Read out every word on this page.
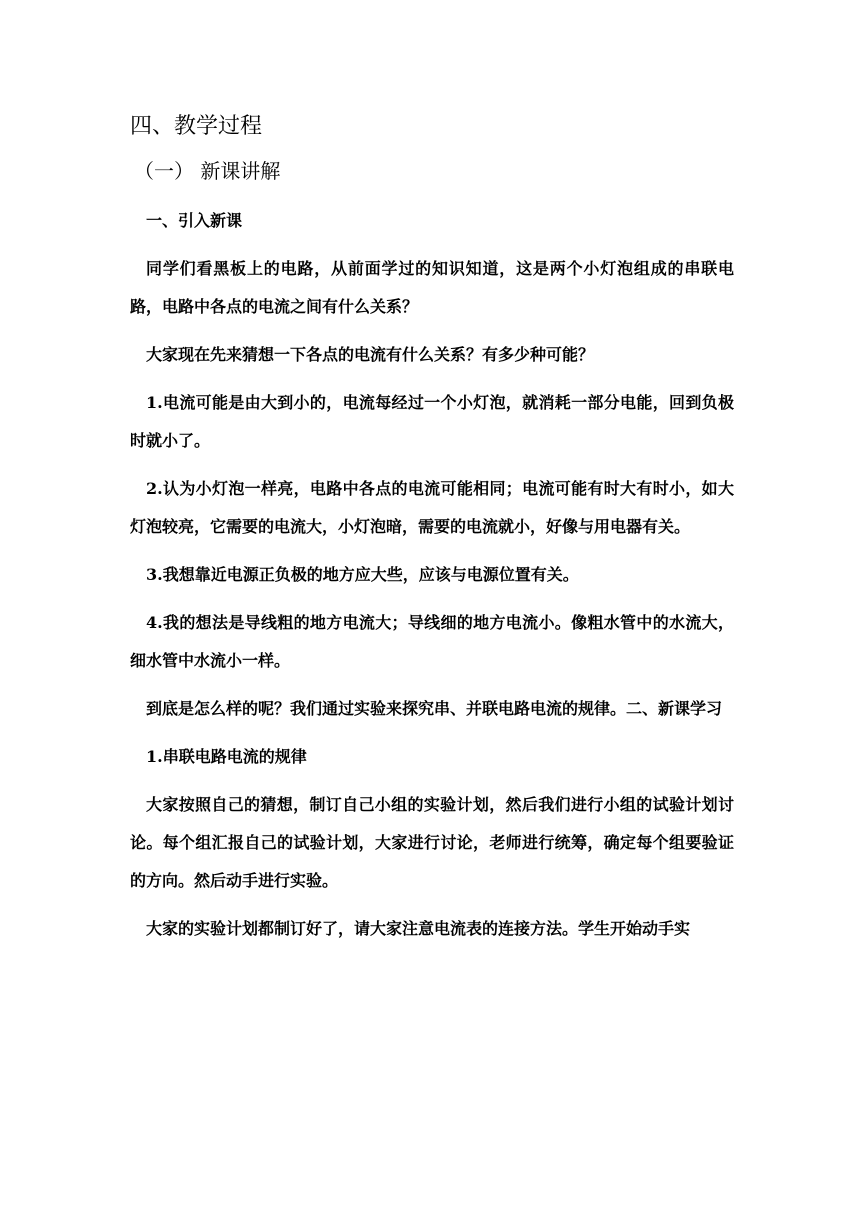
四、教学过程
（一） 新课讲解

一、引入新课

同学们看黑板上的电路，从前面学过的知识知道，这是两个小灯泡组成的串联电路，电路中各点的电流之间有什么关系？

大家现在先来猜想一下各点的电流有什么关系？有多少种可能？

1.电流可能是由大到小的，电流每经过一个小灯泡，就消耗一部分电能，回到负极时就小了。

2.认为小灯泡一样亮，电路中各点的电流可能相同；电流可能有时大有时小，如大灯泡较亮，它需要的电流大，小灯泡暗，需要的电流就小，好像与用电器有关。

3.我想靠近电源正负极的地方应大些，应该与电源位置有关。

4.我的想法是导线粗的地方电流大；导线细的地方电流小。像粗水管中的水流大，细水管中水流小一样。

到底是怎么样的呢？我们通过实验来探究串、并联电路电流的规律。二、新课学习

1.串联电路电流的规律

大家按照自己的猜想，制订自己小组的实验计划，然后我们进行小组的试验计划讨论。每个组汇报自己的试验计划，大家进行讨论，老师进行统筹，确定每个组要验证的方向。然后动手进行实验。

大家的实验计划都制订好了，请大家注意电流表的连接方法。学生开始动手实
